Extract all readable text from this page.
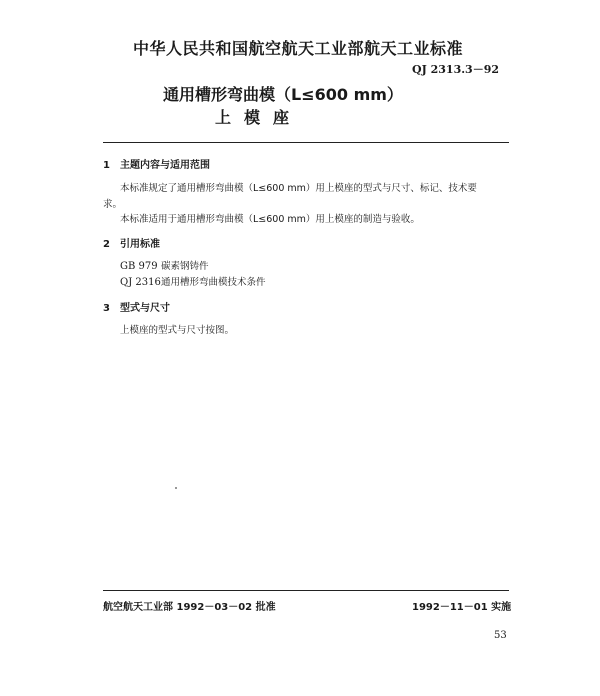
中华人民共和国航空航天工业部航天工业标准
QJ 2313.3－92
通用槽形弯曲模（L≤600 mm）
上模座
1 主题内容与适用范围
本标准规定了通用槽形弯曲模（L≤600 mm）用上模座的型式与尺寸、标记、技术要
求。
本标准适用于通用槽形弯曲模（L≤600 mm）用上模座的制造与验收。
2 引用标准
GB 979 碳素钢铸件
QJ 2316通用槽形弯曲模技术条件
3 型式与尺寸
上模座的型式与尺寸按图。
航空航天工业部 1992－03－02 批准	1992－11－01 实施
53
